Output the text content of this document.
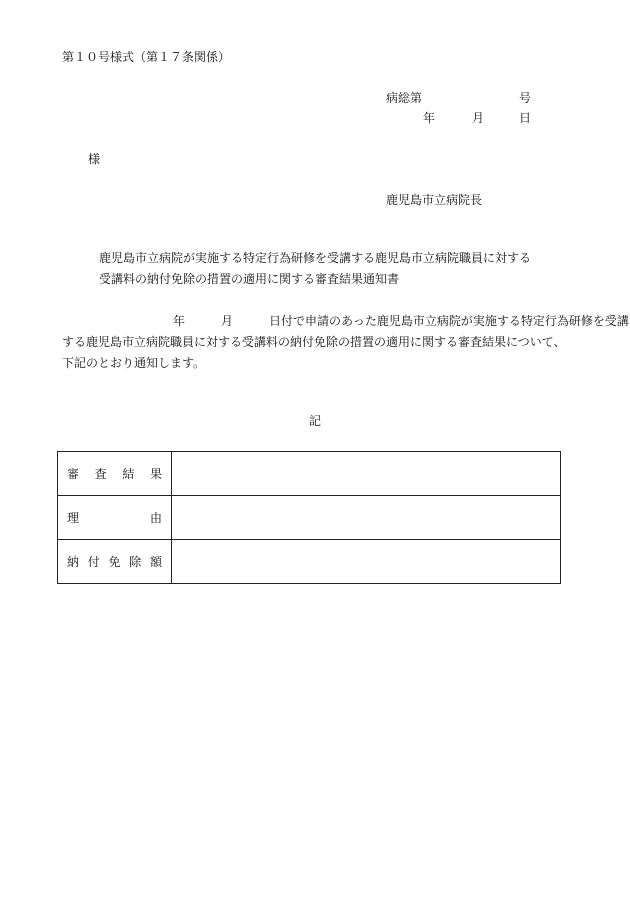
第１０号様式（第１７条関係）
病総第	号
年	月	日
様
鹿児島市立病院長
鹿児島市立病院が実施する特定行為研修を受講する鹿児島市立病院職員に対する
受講料の納付免除の措置の適用に関する審査結果通知書
年	月	日付で申請のあった鹿児島市立病院が実施する特定行為研修を受講
する鹿児島市立病院職員に対する受講料の納付免除の措置の適用に関する審査結果について、
下記のとおり通知します。
記
審 査 結 果	

理 由	

納 付 免 除 額	
